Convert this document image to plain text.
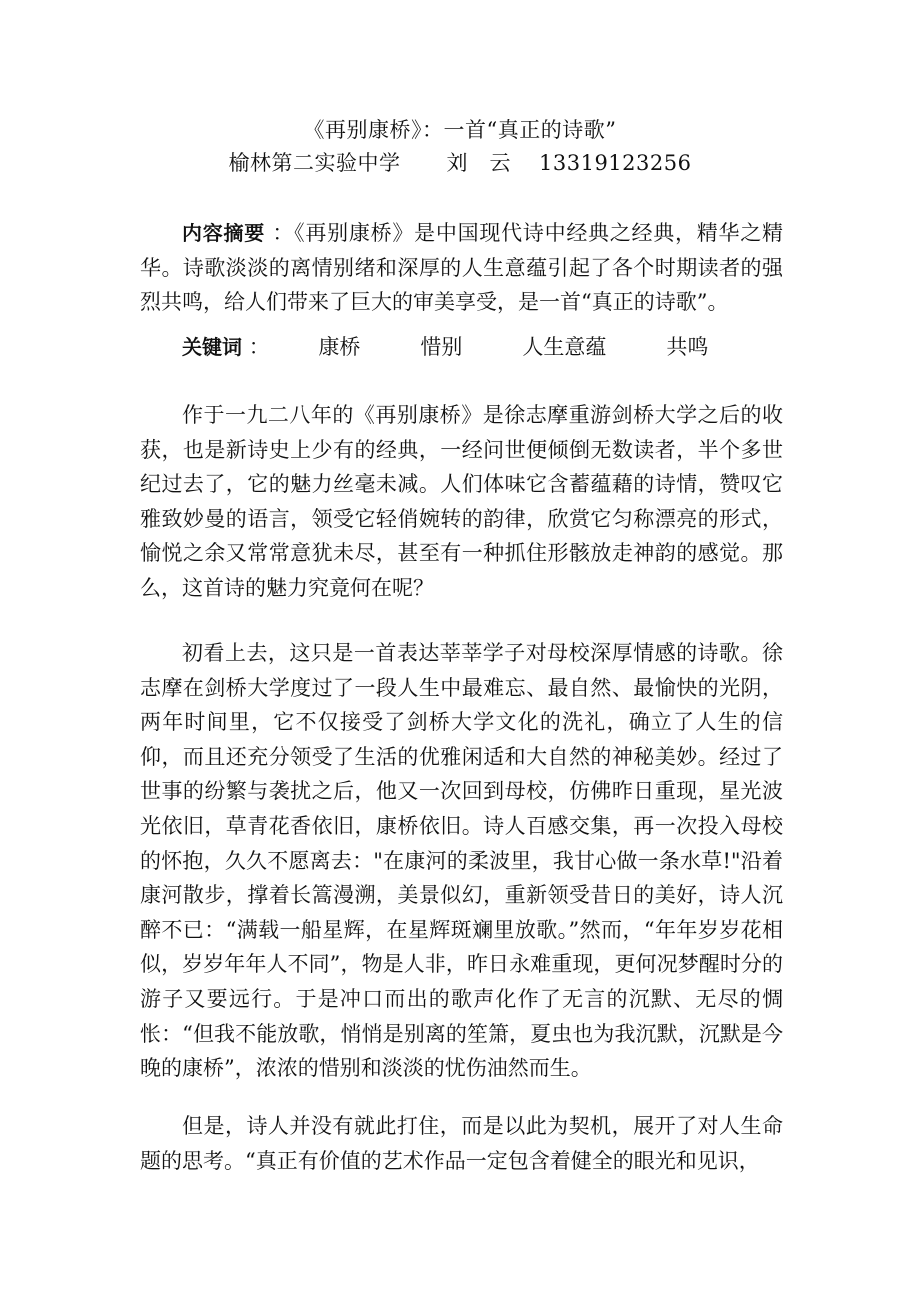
《再别康桥》：一首“真正的诗歌”
榆林第二实验中学 刘　云 13319123256

内容摘要 ：《再别康桥》是中国现代诗中经典之经典，精华之精华。诗歌淡淡的离情别绪和深厚的人生意蕴引起了各个时期读者的强烈共鸣，给人们带来了巨大的审美享受，是一首“真正的诗歌”。

关键词 ： 康桥	惜别	人生意蕴	共鸣

作于一九二八年的《再别康桥》是徐志摩重游剑桥大学之后的收获，也是新诗史上少有的经典，一经问世便倾倒无数读者，半个多世纪过去了，它的魅力丝毫未减。人们体味它含蓄蕴藉的诗情，赞叹它雅致妙曼的语言，领受它轻俏婉转的韵律，欣赏它匀称漂亮的形式，愉悦之余又常常意犹未尽，甚至有一种抓住形骸放走神韵的感觉。那么，这首诗的魅力究竟何在呢？

初看上去，这只是一首表达莘莘学子对母校深厚情感的诗歌。徐志摩在剑桥大学度过了一段人生中最难忘、最自然、最愉快的光阴，两年时间里，它不仅接受了剑桥大学文化的洗礼，确立了人生的信仰，而且还充分领受了生活的优雅闲适和大自然的神秘美妙。经过了世事的纷繁与袭扰之后，他又一次回到母校，仿佛昨日重现，星光波光依旧，草青花香依旧，康桥依旧。诗人百感交集，再一次投入母校的怀抱，久久不愿离去："在康河的柔波里，我甘心做一条水草!"沿着康河散步，撑着长篙漫溯，美景似幻，重新领受昔日的美好，诗人沉醉不已：“满载一船星辉，在星辉斑斓里放歌。”然而，“年年岁岁花相似，岁岁年年人不同”，物是人非，昨日永难重现，更何况梦醒时分的游子又要远行。于是冲口而出的歌声化作了无言的沉默、无尽的惆怅：“但我不能放歌，悄悄是别离的笙箫，夏虫也为我沉默，沉默是今晚的康桥”，浓浓的惜别和淡淡的忧伤油然而生。

但是，诗人并没有就此打住，而是以此为契机，展开了对人生命题的思考。“真正有价值的艺术作品一定包含着健全的眼光和见识，
